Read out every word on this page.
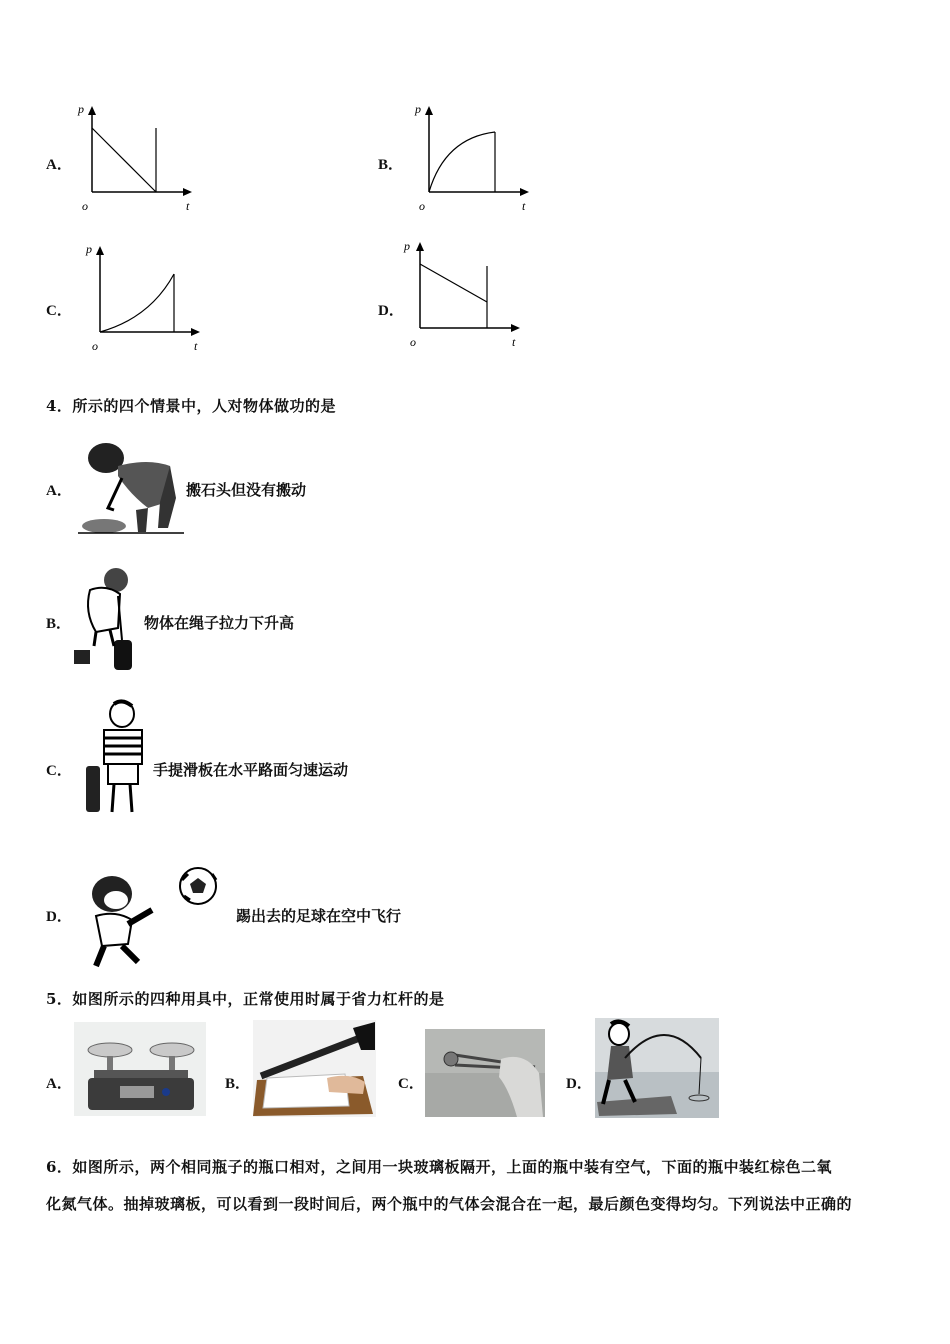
A．
p
o	t
B．
p
o	t
C．
p
o	t
D．
p
o	t
4．所示的四个情景中，人对物体做功的是
A．	搬石头但没有搬动
B．	物体在绳子拉力下升高
C．	手提滑板在水平路面匀速运动
D．	踢出去的足球在空中飞行
5．如图所示的四种用具中，正常使用时属于省力杠杆的是
A．	B．	C．	D．
6．如图所示，两个相同瓶子的瓶口相对，之间用一块玻璃板隔开，上面的瓶中装有空气，下面的瓶中装红棕色二氧
化氮气体。抽掉玻璃板，可以看到一段时间后，两个瓶中的气体会混合在一起，最后颜色变得均匀。下列说法中正确的
